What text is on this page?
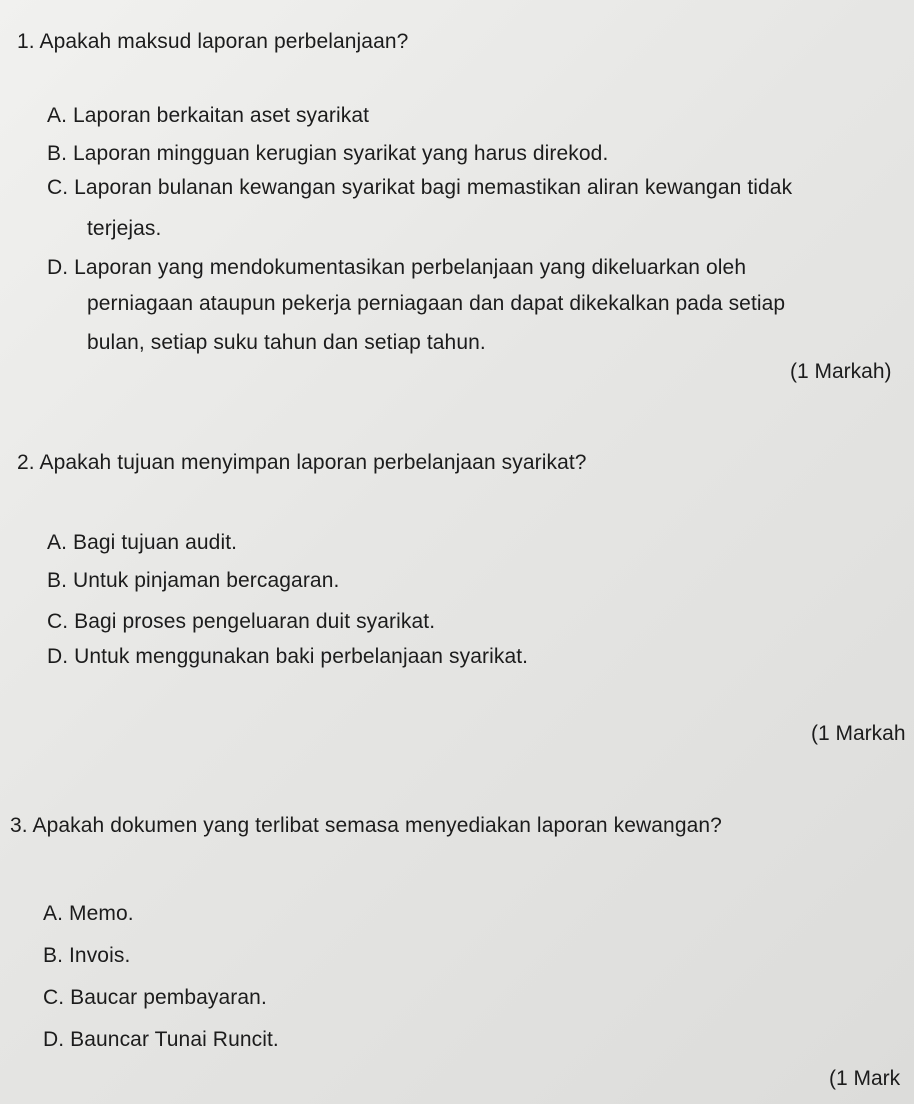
1. Apakah maksud laporan perbelanjaan?
A. Laporan berkaitan aset syarikat
B. Laporan mingguan kerugian syarikat yang harus direkod.
C. Laporan bulanan kewangan syarikat bagi memastikan aliran kewangan tidak
terjejas.
D. Laporan yang mendokumentasikan perbelanjaan yang dikeluarkan oleh
perniagaan ataupun pekerja perniagaan dan dapat dikekalkan pada setiap
bulan, setiap suku tahun dan setiap tahun.
(1 Markah)
2. Apakah tujuan menyimpan laporan perbelanjaan syarikat?
A. Bagi tujuan audit.
B. Untuk pinjaman bercagaran.
C. Bagi proses pengeluaran duit syarikat.
D. Untuk menggunakan baki perbelanjaan syarikat.
(1 Markah
3. Apakah dokumen yang terlibat semasa menyediakan laporan kewangan?
A. Memo.
B. Invois.
C. Baucar pembayaran.
D. Bauncar Tunai Runcit.
(1 Mark
